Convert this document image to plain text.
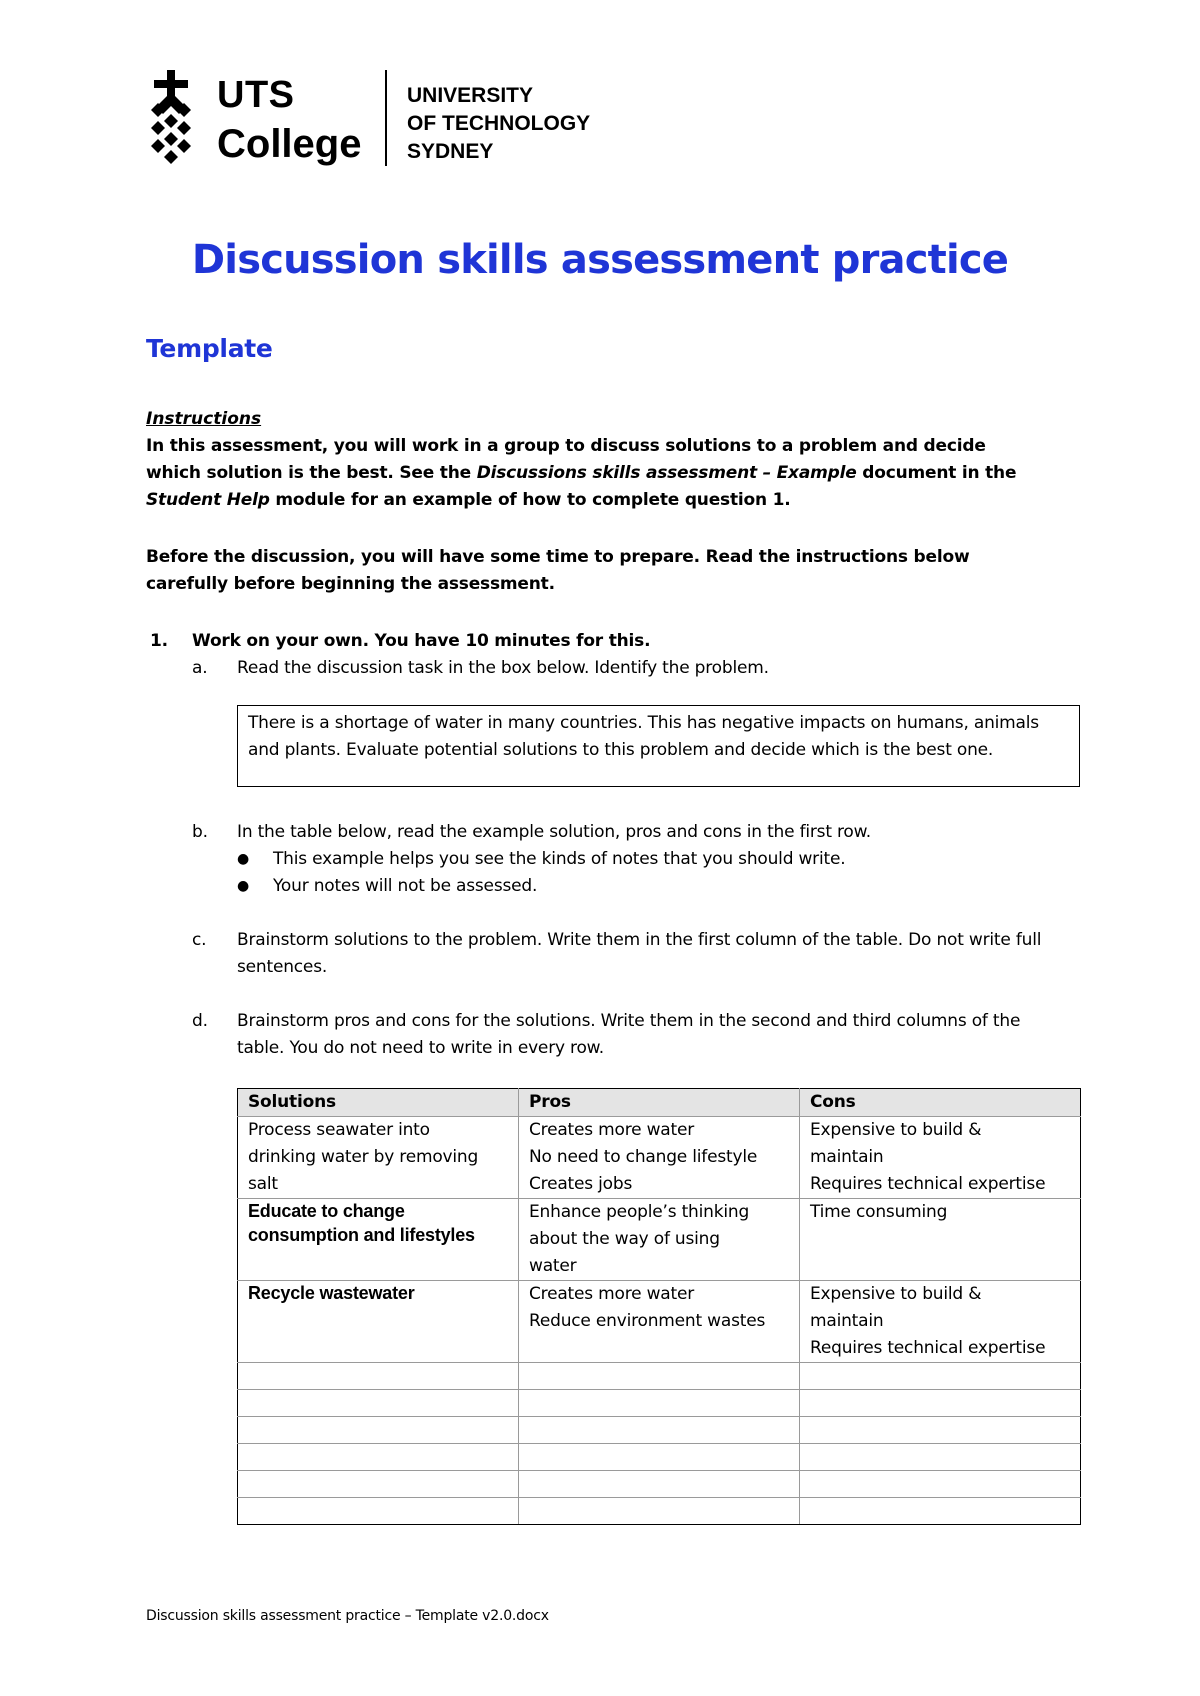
UTS
College
UNIVERSITY
OF TECHNOLOGY
SYDNEY
Discussion skills assessment practice
Template
Instructions
In this assessment, you will work in a group to discuss solutions to a problem and decide which solution is the best. See the Discussions skills assessment – Example document in the Student Help module for an example of how to complete question 1.
Before the discussion, you will have some time to prepare. Read the instructions below carefully before beginning the assessment.
1. Work on your own. You have 10 minutes for this.
a. Read the discussion task in the box below. Identify the problem.
There is a shortage of water in many countries. This has negative impacts on humans, animals and plants. Evaluate potential solutions to this problem and decide which is the best one.
b. In the table below, read the example solution, pros and cons in the first row.
● This example helps you see the kinds of notes that you should write.
● Your notes will not be assessed.
c. Brainstorm solutions to the problem. Write them in the first column of the table. Do not write full sentences.
d. Brainstorm pros and cons for the solutions. Write them in the second and third columns of the table. You do not need to write in every row.
Solutions	Pros	Cons

Process seawater into
drinking water by removing
salt	Creates more water
No need to change lifestyle
Creates jobs	Expensive to build &
maintain
Requires technical expertise

Educate to change
consumption and lifestyles	Enhance people’s thinking
about the way of using
water	Time consuming

Recycle wastewater	Creates more water
Reduce environment wastes	Expensive to build &
maintain
Requires technical expertise

Discussion skills assessment practice – Template v2.0.docx
